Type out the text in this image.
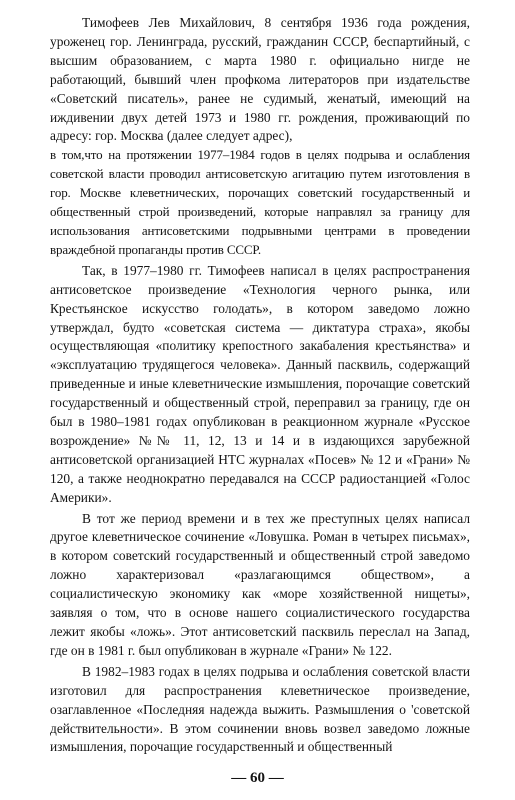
Тимофеев Лев Михайлович, 8 сентября 1936 года рождения, уроженец гор. Ленинграда, русский, гражданин СССР, беспартийный, с высшим образованием, с марта 1980 г. официально нигде не работающий, бывший член профкома литераторов при издательстве «Советский писатель», ранее не судимый, женатый, имеющий на иждивении двух детей 1973 и 1980 гг. рождения, проживающий по адресу: гор. Москва (далее следует адрес),

в том,что на протяжении 1977–1984 годов в целях подрыва и ослабления советской власти проводил антисоветскую агитацию путем изготовления в гор. Москве клеветнических, порочащих советский государственный и общественный строй произведений, которые направлял за границу для использования антисоветскими подрывными центрами в проведении враждебной пропаганды против СССР.

Так, в 1977–1980 гг. Тимофеев написал в целях распространения антисоветское произведение «Технология черного рынка, или Крестьянское искусство голодать», в котором заведомо ложно утверждал, будто «советская система — диктатура страха», якобы осуществляющая «политику крепостного закабаления крестьянства» и «эксплуатацию трудящегося человека». Данный пасквиль, содержащий приведенные и иные клеветнические измышления, порочащие советский государственный и общественный строй, переправил за границу, где он был в 1980–1981 годах опубликован в реакционном журнале «Русское возрождение» №№ 11, 12, 13 и 14 и в издающихся зарубежной антисоветской организацией НТС журналах «Посев» № 12 и «Грани» № 120, а также неоднократно передавался на СССР радиостанцией «Голос Америки».

В тот же период времени и в тех же преступных целях написал другое клеветническое сочинение «Ловушка. Роман в четырех письмах», в котором советский государственный и общественный строй заведомо ложно характеризовал «разлагающимся обществом», а социалистическую экономику как «море хозяйственной нищеты», заявляя о том, что в основе нашего социалистического государства лежит якобы «ложь». Этот антисоветский пасквиль переслал на Запад, где он в 1981 г. был опубликован в журнале «Грани» № 122.

В 1982–1983 годах в целях подрыва и ослабления советской власти изготовил для распространения клеветническое произведение, озаглавленное «Последняя надежда выжить. Размышления о 'советской действительности». В этом сочинении вновь возвел заведомо ложные измышления, порочащие государственный и общественный

— 60 —
